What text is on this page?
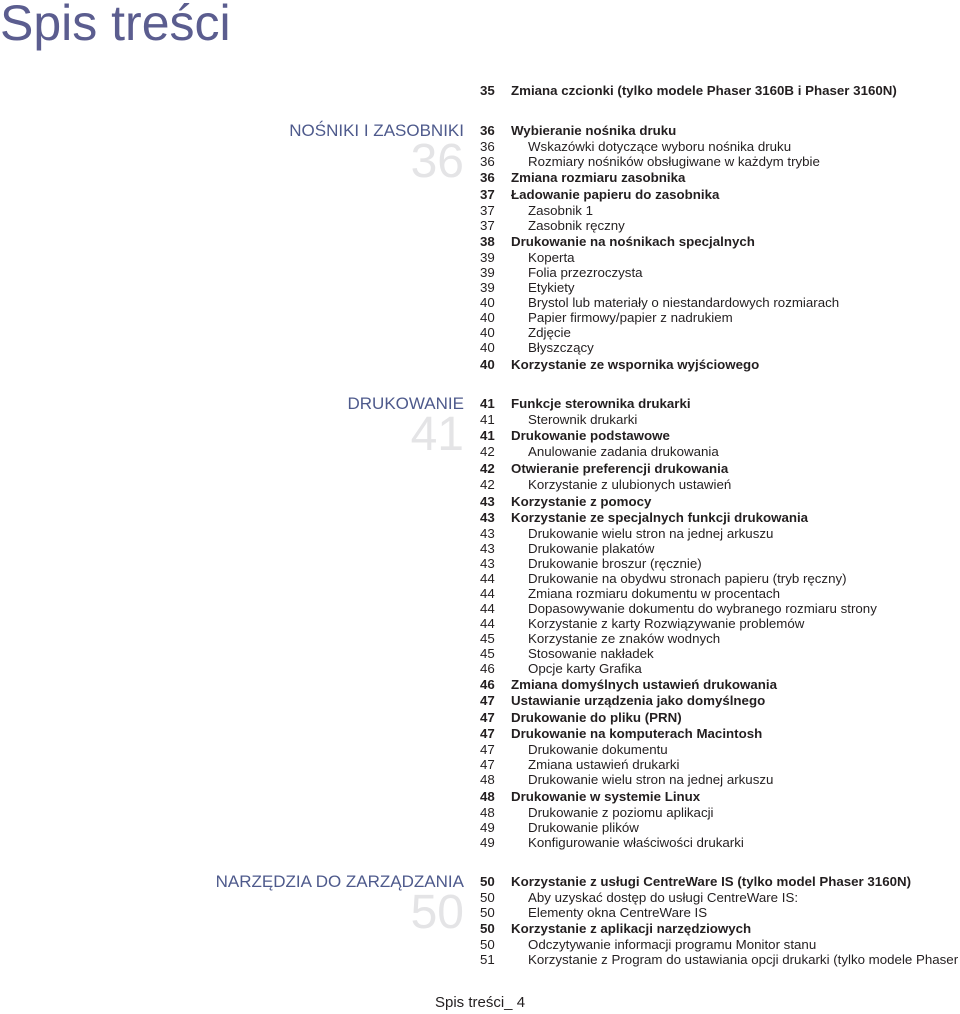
Spis treści
NOŚNIKI I ZASOBNIKI
36
DRUKOWANIE
41
NARZĘDZIA DO ZARZĄDZANIA
50
35	Zmiana czcionki (tylko modele Phaser 3160B i Phaser 3160N)
36	Wybieranie nośnika druku
36	Wskazówki dotyczące wyboru nośnika druku
36	Rozmiary nośników obsługiwane w każdym trybie
36	Zmiana rozmiaru zasobnika
37	Ładowanie papieru do zasobnika
37	Zasobnik 1
37	Zasobnik ręczny
38	Drukowanie na nośnikach specjalnych
39	Koperta
39	Folia przezroczysta
39	Etykiety
40	Brystol lub materiały o niestandardowych rozmiarach
40	Papier firmowy/papier z nadrukiem
40	Zdjęcie
40	Błyszczący
40	Korzystanie ze wspornika wyjściowego
41	Funkcje sterownika drukarki
41	Sterownik drukarki
41	Drukowanie podstawowe
42	Anulowanie zadania drukowania
42	Otwieranie preferencji drukowania
42	Korzystanie z ulubionych ustawień
43	Korzystanie z pomocy
43	Korzystanie ze specjalnych funkcji drukowania
43	Drukowanie wielu stron na jednej arkuszu
43	Drukowanie plakatów
43	Drukowanie broszur (ręcznie)
44	Drukowanie na obydwu stronach papieru (tryb ręczny)
44	Zmiana rozmiaru dokumentu w procentach
44	Dopasowywanie dokumentu do wybranego rozmiaru strony
44	Korzystanie z karty Rozwiązywanie problemów
45	Korzystanie ze znaków wodnych
45	Stosowanie nakładek
46	Opcje karty Grafika
46	Zmiana domyślnych ustawień drukowania
47	Ustawianie urządzenia jako domyślnego
47	Drukowanie do pliku (PRN)
47	Drukowanie na komputerach Macintosh
47	Drukowanie dokumentu
47	Zmiana ustawień drukarki
48	Drukowanie wielu stron na jednej arkuszu
48	Drukowanie w systemie Linux
48	Drukowanie z poziomu aplikacji
49	Drukowanie plików
49	Konfigurowanie właściwości drukarki
50	Korzystanie z usługi CentreWare IS (tylko model Phaser 3160N)
50	Aby uzyskać dostęp do usługi CentreWare IS:
50	Elementy okna CentreWare IS
50	Korzystanie z aplikacji narzędziowych
50	Odczytywanie informacji programu Monitor stanu
51	Korzystanie z Program do ustawiania opcji drukarki (tylko modele Phaser
Spis treści_ 4
